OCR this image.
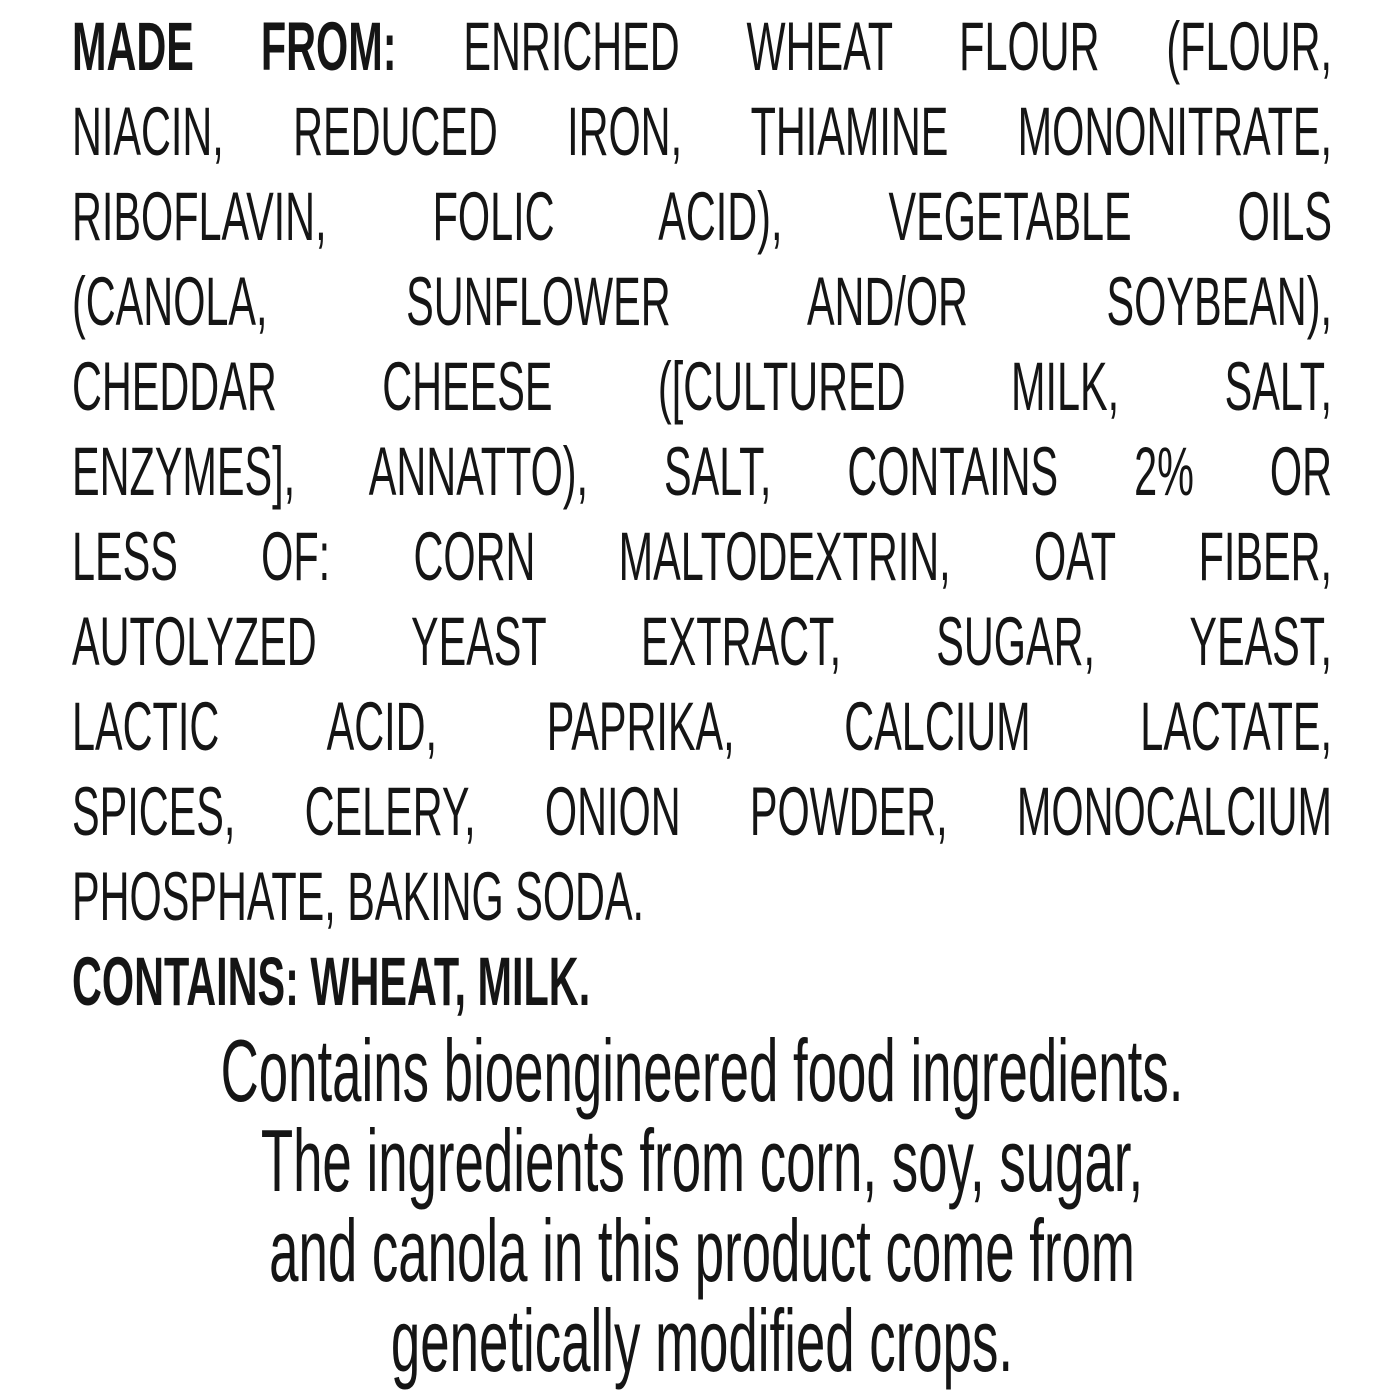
MADE FROM: ENRICHED WHEAT FLOUR (FLOUR,
NIACIN, REDUCED IRON, THIAMINE MONONITRATE,
RIBOFLAVIN, FOLIC ACID), VEGETABLE OILS
(CANOLA, SUNFLOWER AND/OR SOYBEAN),
CHEDDAR CHEESE ([CULTURED MILK, SALT,
ENZYMES], ANNATTO), SALT, CONTAINS 2% OR
LESS OF: CORN MALTODEXTRIN, OAT FIBER,
AUTOLYZED YEAST EXTRACT, SUGAR, YEAST,
LACTIC ACID, PAPRIKA, CALCIUM LACTATE,
SPICES, CELERY, ONION POWDER, MONOCALCIUM
PHOSPHATE, BAKING SODA.
CONTAINS: WHEAT, MILK.
Contains bioengineered food ingredients.
The ingredients from corn, soy, sugar,
and canola in this product come from
genetically modified crops.
